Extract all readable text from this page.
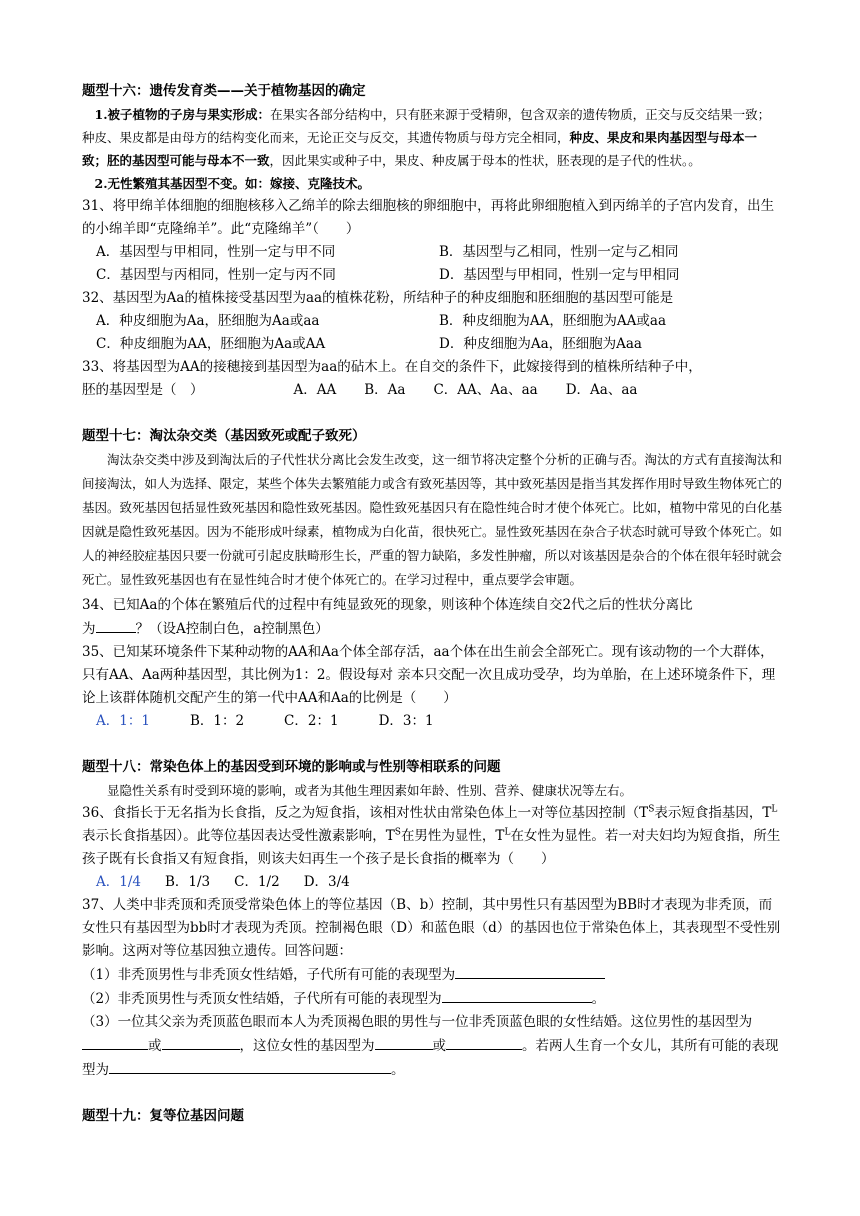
题型十六：遗传发育类——关于植物基因的确定

1.被子植物的子房与果实形成：在果实各部分结构中，只有胚来源于受精卵，包含双亲的遗传物质，正交与反交结果一致；种皮、果皮都是由母方的结构变化而来，无论正交与反交，其遗传物质与母方完全相同，种皮、果皮和果肉基因型与母本一致；胚的基因型可能与母本不一致，因此果实或种子中，果皮、种皮属于母本的性状，胚表现的是子代的性状。。

2.无性繁殖其基因型不变。如：嫁接、克隆技术。

31、将甲绵羊体细胞的细胞核移入乙绵羊的除去细胞核的卵细胞中，再将此卵细胞植入到丙绵羊的子宫内发育，出生的小绵羊即“克隆绵羊”。此“克隆绵羊”（　　）

A．基因型与甲相同，性别一定与甲不同	B．基因型与乙相同，性别一定与乙相同
C．基因型与丙相同，性别一定与丙不同	D．基因型与甲相同，性别一定与甲相同

32、基因型为Aa的植株接受基因型为aa的植株花粉，所结种子的种皮细胞和胚细胞的基因型可能是

A．种皮细胞为Aa，胚细胞为Aa或aa	B．种皮细胞为AA，胚细胞为AA或aa
C．种皮细胞为AA，胚细胞为Aa或AA	D．种皮细胞为Aa，胚细胞为Aaa

33、将基因型为AA的接穗接到基因型为aa的砧木上。在自交的条件下，此嫁接得到的植株所结种子中，

胚的基因型是（　）	A．AA B．Aa C．AA、Aa、aa D．Aa、aa

题型十七：淘汰杂交类（基因致死或配子致死）

淘汰杂交类中涉及到淘汰后的子代性状分离比会发生改变，这一细节将决定整个分析的正确与否。淘汰的方式有直接淘汰和间接淘汰，如人为选择、限定，某些个体失去繁殖能力或含有致死基因等，其中致死基因是指当其发挥作用时导致生物体死亡的基因。致死基因包括显性致死基因和隐性致死基因。隐性致死基因只有在隐性纯合时才使个体死亡。比如，植物中常见的白化基因就是隐性致死基因。因为不能形成叶绿素，植物成为白化苗，很快死亡。显性致死基因在杂合子状态时就可导致个体死亡。如人的神经胶症基因只要一份就可引起皮肤畸形生长，严重的智力缺陷，多发性肿瘤，所以对该基因是杂合的个体在很年轻时就会死亡。显性致死基因也有在显性纯合时才使个体死亡的。在学习过程中，重点要学会审题。

34、已知Aa的个体在繁殖后代的过程中有纯显致死的现象，则该种个体连续自交2代之后的性状分离比

为	？（设A控制白色，a控制黑色）

35、已知某环境条件下某种动物的AA和Aa个体全部存活，aa个体在出生前会全部死亡。现有该动物的一个大群体，只有AA、Aa两种基因型，其比例为1：2。假设每对 亲本只交配一次且成功受孕，均为单胎，在上述环境条件下，理论上该群体随机交配产生的第一代中AA和Aa的比例是（　　）

A．1：1	B．1：2	C．2：1	D．3：1

题型十八：常染色体上的基因受到环境的影响或与性别等相联系的问题

显隐性关系有时受到环境的影响，或者为其他生理因素如年龄、性别、营养、健康状况等左右。

36、食指长于无名指为长食指，反之为短食指，该相对性状由常染色体上一对等位基因控制（$T^S$表示短食指基因，$T^L$表示长食指基因）。此等位基因表达受性激素影响，$T^S$在男性为显性，$T^L$在女性为显性。若一对夫妇均为短食指，所生孩子既有长食指又有短食指，则该夫妇再生一个孩子是长食指的概率为（　　）

A．1/4 B．1/3 C．1/2 D．3/4

37、人类中非秃顶和秃顶受常染色体上的等位基因（B、b）控制，其中男性只有基因型为BB时才表现为非秃顶，而女性只有基因型为bb时才表现为秃顶。控制褐色眼（D）和蓝色眼（d）的基因也位于常染色体上，其表现型不受性别影响。这两对等位基因独立遗传。回答问题：

（1）非秃顶男性与非秃顶女性结婚，子代所有可能的表现型为

（2）非秃顶男性与秃顶女性结婚，子代所有可能的表现型为	。

（3）一位其父亲为秃顶蓝色眼而本人为秃顶褐色眼的男性与一位非秃顶蓝色眼的女性结婚。这位男性的基因型为或	，这位女性的基因型为	或	。若两人生育一个女儿，其所有可能的表现型为	。

题型十九：复等位基因问题
